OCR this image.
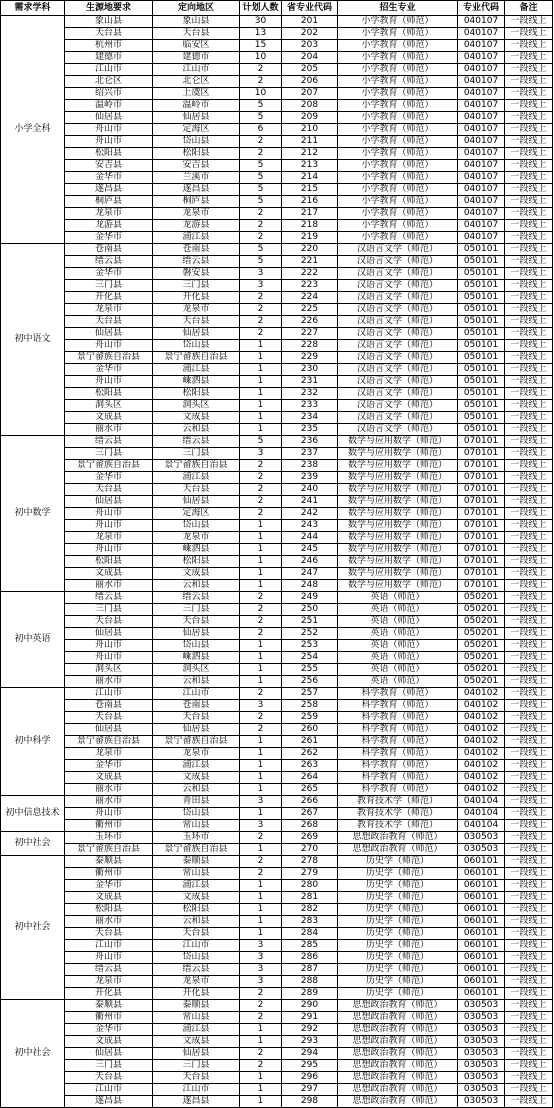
需求学科	生源地要求	定向地区	计划人数	省专业代码	招生专业	专业代码	备注
小学全科	象山县	象山县	30	201	小学教育（师范）	040107	一段线上
	天台县	天台县	13	202	小学教育（师范）	040107	一段线上
	杭州市	临安区	15	203	小学教育（师范）	040107	一段线上
	建德市	建德市	10	204	小学教育（师范）	040107	一段线上
	江山市	江山市	2	205	小学教育（师范）	040107	一段线上
	北仑区	北仑区	2	206	小学教育（师范）	040107	一段线上
	绍兴市	上虞区	10	207	小学教育（师范）	040107	一段线上
	温岭市	温岭市	5	208	小学教育（师范）	040107	一段线上
	仙居县	仙居县	5	209	小学教育（师范）	040107	一段线上
	舟山市	定海区	6	210	小学教育（师范）	040107	一段线上
	舟山市	岱山县	2	211	小学教育（师范）	040107	一段线上
	松阳县	松阳县	2	212	小学教育（师范）	040107	一段线上
	安吉县	安吉县	5	213	小学教育（师范）	040107	一段线上
	金华市	兰溪市	5	214	小学教育（师范）	040107	一段线上
	遂昌县	遂昌县	5	215	小学教育（师范）	040107	一段线上
	桐庐县	桐庐县	5	216	小学教育（师范）	040107	一段线上
	龙泉市	龙泉市	2	217	小学教育（师范）	040107	一段线上
	龙游县	龙游县	2	218	小学教育（师范）	040107	一段线上
	金华市	浦江县	2	219	小学教育（师范）	040107	一段线上
初中语文	苍南县	苍南县	5	220	汉语言文学（师范）	050101	一段线上
	缙云县	缙云县	5	221	汉语言文学（师范）	050101	一段线上
	金华市	磐安县	3	222	汉语言文学（师范）	050101	一段线上
	三门县	三门县	3	223	汉语言文学（师范）	050101	一段线上
	开化县	开化县	2	224	汉语言文学（师范）	050101	一段线上
	龙泉市	龙泉市	2	225	汉语言文学（师范）	050101	一段线上
	天台县	天台县	2	226	汉语言文学（师范）	050101	一段线上
	仙居县	仙居县	2	227	汉语言文学（师范）	050101	一段线上
	舟山市	岱山县	1	228	汉语言文学（师范）	050101	一段线上
	景宁畲族自治县	景宁畲族自治县	1	229	汉语言文学（师范）	050101	一段线上
	金华市	浦江县	1	230	汉语言文学（师范）	050101	一段线上
	舟山市	嵊泗县	1	231	汉语言文学（师范）	050101	一段线上
	松阳县	松阳县	1	232	汉语言文学（师范）	050101	一段线上
	洞头区	洞头区	1	233	汉语言文学（师范）	050101	一段线上
	文成县	文成县	1	234	汉语言文学（师范）	050101	一段线上
	丽水市	云和县	1	235	汉语言文学（师范）	050101	一段线上
初中数学	缙云县	缙云县	5	236	数学与应用数学（师范）	070101	一段线上
	三门县	三门县	3	237	数学与应用数学（师范）	070101	一段线上
	景宁畲族自治县	景宁畲族自治县	2	238	数学与应用数学（师范）	070101	一段线上
	金华市	浦江县	2	239	数学与应用数学（师范）	070101	一段线上
	天台县	天台县	2	240	数学与应用数学（师范）	070101	一段线上
	仙居县	仙居县	2	241	数学与应用数学（师范）	070101	一段线上
	舟山市	定海区	2	242	数学与应用数学（师范）	070101	一段线上
	舟山市	岱山县	1	243	数学与应用数学（师范）	070101	一段线上
	龙泉市	龙泉市	1	244	数学与应用数学（师范）	070101	一段线上
	舟山市	嵊泗县	1	245	数学与应用数学（师范）	070101	一段线上
	松阳县	松阳县	1	246	数学与应用数学（师范）	070101	一段线上
	文成县	文成县	1	247	数学与应用数学（师范）	070101	一段线上
	丽水市	云和县	1	248	数学与应用数学（师范）	070101	一段线上
初中英语	缙云县	缙云县	2	249	英语（师范）	050201	一段线上
	三门县	三门县	2	250	英语（师范）	050201	一段线上
	天台县	天台县	2	251	英语（师范）	050201	一段线上
	仙居县	仙居县	2	252	英语（师范）	050201	一段线上
	舟山市	岱山县	1	253	英语（师范）	050201	一段线上
	舟山市	嵊泗县	1	254	英语（师范）	050201	一段线上
	洞头区	洞头区	1	255	英语（师范）	050201	一段线上
	丽水市	云和县	1	256	英语（师范）	050201	一段线上
初中科学	江山市	江山市	2	257	科学教育（师范）	040102	一段线上
	苍南县	苍南县	3	258	科学教育（师范）	040102	一段线上
	天台县	天台县	2	259	科学教育（师范）	040102	一段线上
	仙居县	仙居县	2	260	科学教育（师范）	040102	一段线上
	景宁畲族自治县	景宁畲族自治县	1	261	科学教育（师范）	040102	一段线上
	龙泉市	龙泉市	1	262	科学教育（师范）	040102	一段线上
	金华市	浦江县	1	263	科学教育（师范）	040102	一段线上
	文成县	文成县	1	264	科学教育（师范）	040102	一段线上
	丽水市	云和县	1	265	科学教育（师范）	040102	一段线上
初中信息技术	丽水市	青田县	3	266	教育技术学（师范）	040104	一段线上
	舟山市	岱山县	1	267	教育技术学（师范）	040104	一段线上
	衢州市	常山县	3	268	教育技术学（师范）	040104	一段线上
初中社会	玉环市	玉环市	2	269	思想政治教育（师范）	030503	一段线上
	景宁畲族自治县	景宁畲族自治县	1	270	思想政治教育（师范）	030503	一段线上
初中社会	泰顺县	泰顺县	2	278	历史学（师范）	060101	一段线上
	衢州市	常山县	2	279	历史学（师范）	060101	一段线上
	金华市	浦江县	1	280	历史学（师范）	060101	一段线上
	文成县	文成县	1	281	历史学（师范）	060101	一段线上
	松阳县	松阳县	1	282	历史学（师范）	060101	一段线上
	丽水市	云和县	1	283	历史学（师范）	060101	一段线上
	天台县	天台县	1	284	历史学（师范）	060101	一段线上
	江山市	江山市	3	285	历史学（师范）	060101	一段线上
	舟山市	岱山县	3	286	历史学（师范）	060101	一段线上
	缙云县	缙云县	3	287	历史学（师范）	060101	一段线上
	龙泉市	龙泉市	3	288	历史学（师范）	060101	一段线上
	开化县	开化县	2	289	历史学（师范）	060101	一段线上
初中社会	泰顺县	泰顺县	2	290	思想政治教育（师范）	030503	一段线上
	衢州市	常山县	2	291	思想政治教育（师范）	030503	一段线上
	金华市	浦江县	1	292	思想政治教育（师范）	030503	一段线上
	文成县	文成县	1	293	思想政治教育（师范）	030503	一段线上
	仙居县	仙居县	2	294	思想政治教育（师范）	030503	一段线上
	三门县	三门县	2	295	思想政治教育（师范）	030503	一段线上
	天台县	天台县	1	296	思想政治教育（师范）	030503	一段线上
	江山市	江山市	1	297	思想政治教育（师范）	030503	一段线上
	遂昌县	遂昌县	1	298	思想政治教育（师范）	030503	一段线上
